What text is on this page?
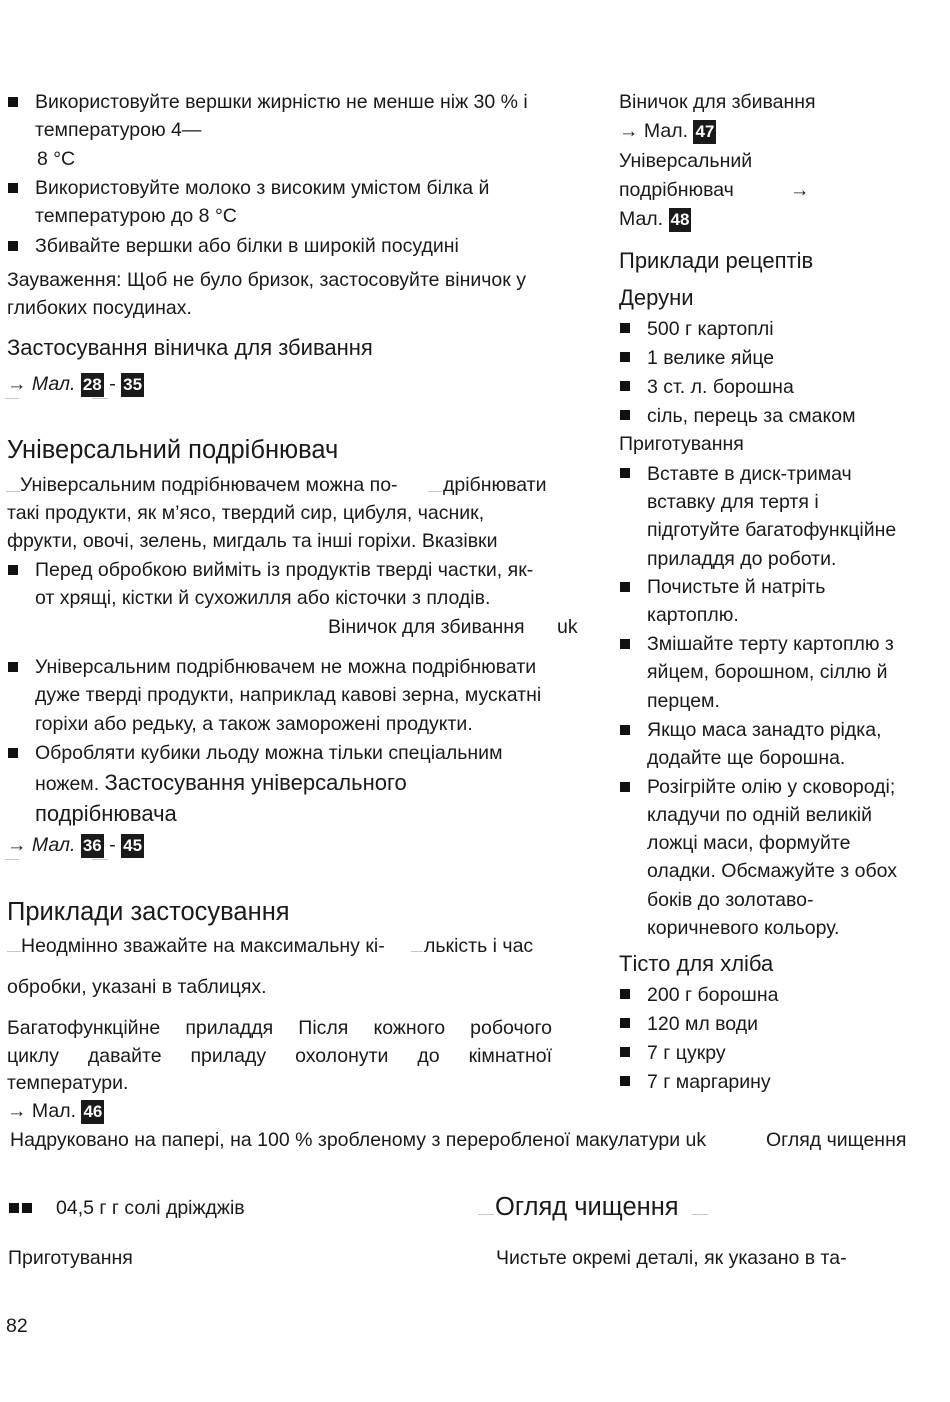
Використовуйте вершки жирністю не менше ніж 30 % і
температурою 4—
8 °C
Використовуйте молоко з високим умістом білка й
температурою до 8 °C
Збивайте вершки або білки в широкій посудині
Зауваження: Щоб не було бризок, застосовуйте віничок у
глибоких посудинах.
Застосування віничка для збивання
→ Мал. 28 - 35
Універсальний подрібнювач
Універсальним подрібнювачем можна по- дрібнювати
такі продукти, як м’ясо, твердий сир, цибуля, часник,
фрукти, овочі, зелень, мигдаль та інші горіхи. Вказівки
Перед обробкою вийміть із продуктів тверді частки, як-
от хрящі, кістки й сухожилля або кісточки з плодів.
Віничок для збивання uk
Універсальним подрібнювачем не можна подрібнювати
дуже тверді продукти, наприклад кавові зерна, мускатні
горіхи або редьку, а також заморожені продукти.
Обробляти кубики льоду можна тільки спеціальним
ножем. Застосування універсального
подрібнювача
→ Мал. 36 - 45
Приклади застосування
Неодмінно зважайте на максимальну кі- лькість і час
обробки, указані в таблицях.
Багатофункційне приладдя Після кожного робочого
циклу давайте приладу охолонути до кімнатної
температури.
→ Мал. 46
Віничок для збивання
→ Мал. 47
Універсальний
подрібнювач	→
Мал. 48
Приклади рецептів
Деруни
500 г картоплі
1 велике яйце
3 ст. л. борошна
сіль, перець за смаком
Приготування
Вставте в диск-тримач
вставку для тертя і
підготуйте багатофункційне
приладдя до роботи.
Почистьте й натріть
картоплю.
Змішайте терту картоплю з
яйцем, борошном, сіллю й
перцем.
Якщо маса занадто рідка,
додайте ще борошна.
Розігрійте олію у сковороді;
кладучи по одній великій
ложці маси, формуйте
оладки. Обсмажуйте з обох
боків до золотаво-
коричневого кольору.
Тісто для хліба
200 г борошна
120 мл води
7 г цукру
7 г маргарину
Надруковано на папері, на 100 % зробленому з переробленої макулатури uk	Огляд чищення
04,5 г г солі дріжджів	Огляд чищення
Приготування	Чистьте окремі деталі, як указано в та-
82
